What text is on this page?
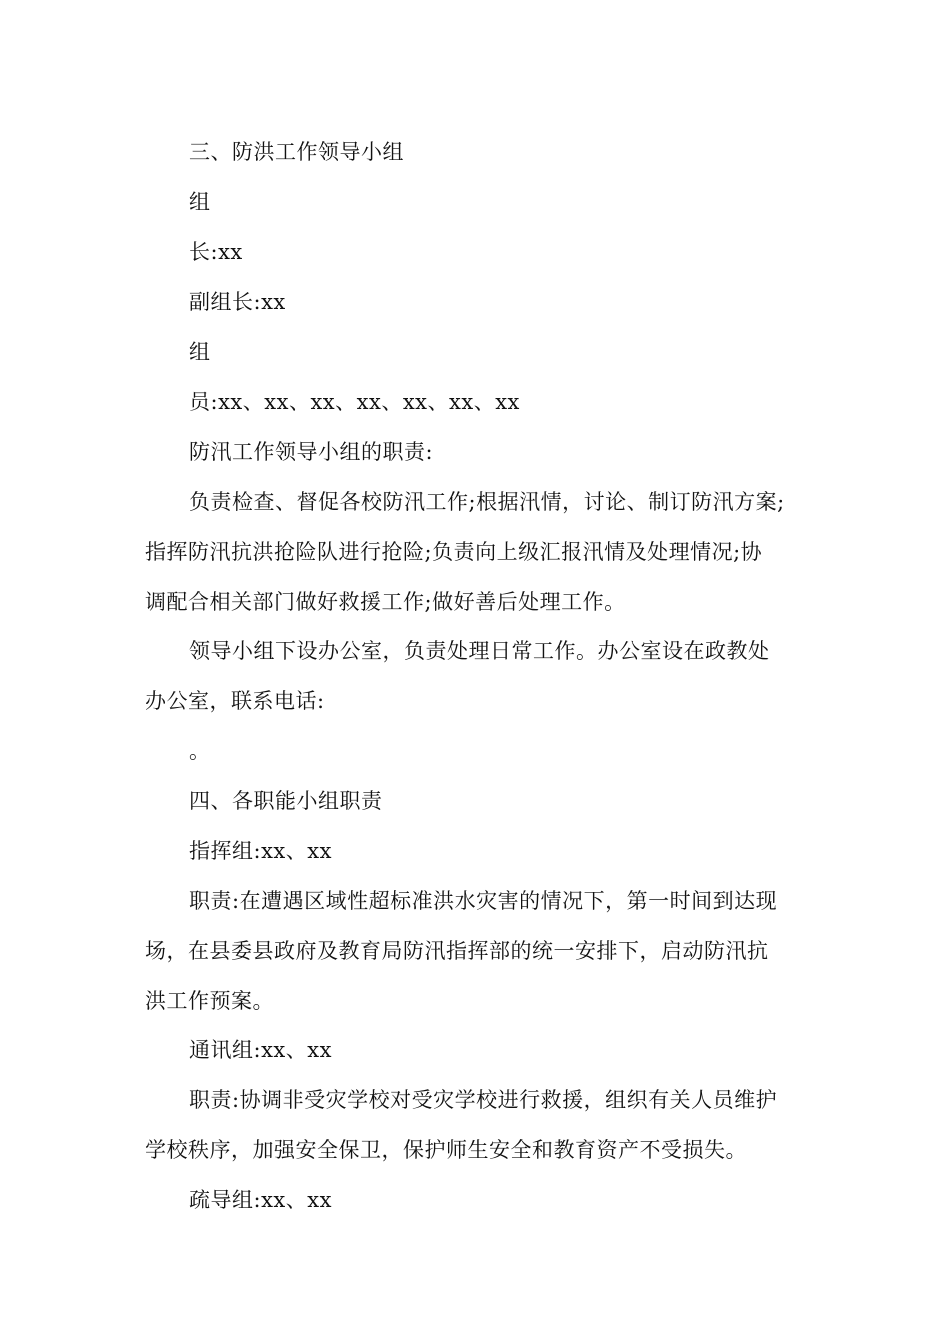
三、防洪工作领导小组
组
长:xx
副组长:xx
组
员:xx、xx、xx、xx、xx、xx、xx
防汛工作领导小组的职责:
负责检查、督促各校防汛工作;根据汛情，讨论、制订防汛方案;
指挥防汛抗洪抢险队进行抢险;负责向上级汇报汛情及处理情况;协
调配合相关部门做好救援工作;做好善后处理工作。
领导小组下设办公室，负责处理日常工作。办公室设在政教处
办公室，联系电话:
。
四、各职能小组职责
指挥组:xx、xx
职责:在遭遇区域性超标准洪水灾害的情况下，第一时间到达现
场，在县委县政府及教育局防汛指挥部的统一安排下，启动防汛抗
洪工作预案。
通讯组:xx、xx
职责:协调非受灾学校对受灾学校进行救援，组织有关人员维护
学校秩序，加强安全保卫，保护师生安全和教育资产不受损失。
疏导组:xx、xx
